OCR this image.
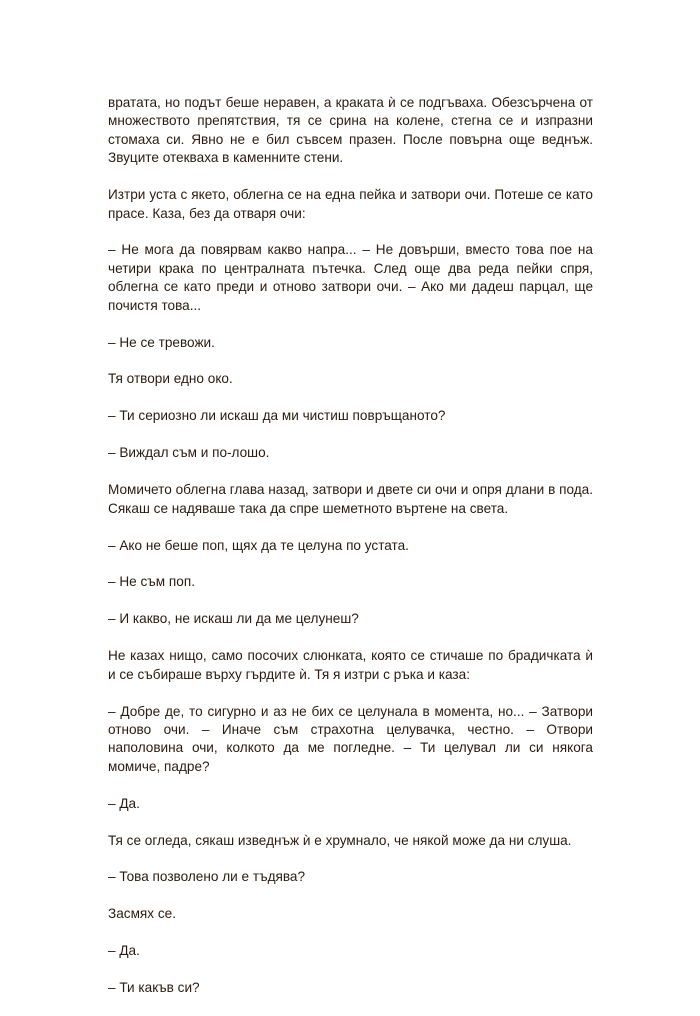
вратата, но подът беше неравен, а краката ѝ се подгъваха. Обезсърчена от множеството препятствия, тя се срина на колене, стегна се и изпразни стомаха си. Явно не е бил съвсем празен. После повърна още веднъж. Звуците отекваха в каменните стени.

Изтри уста с якето, облегна се на една пейка и затвори очи. Потеше се като прасе. Каза, без да отваря очи:

– Не мога да повярвам какво напра... – Не довърши, вместо това пое на четири крака по централната пътечка. След още два реда пейки спря, облегна се като преди и отново затвори очи. – Ако ми дадеш парцал, ще почистя това...

– Не се тревожи.

Тя отвори едно око.

– Ти сериозно ли искаш да ми чистиш повръщаното?

– Виждал съм и по-лошо.

Момичето облегна глава назад, затвори и двете си очи и опря длани в пода. Сякаш се надяваше така да спре шеметното въртене на света.

– Ако не беше поп, щях да те целуна по устата.

– Не съм поп.

– И какво, не искаш ли да ме целунеш?

Не казах нищо, само посочих слюнката, която се стичаше по брадичката ѝ и се събираше върху гърдите ѝ. Тя я изтри с ръка и каза:

– Добре де, то сигурно и аз не бих се целунала в момента, но... – Затвори отново очи. – Иначе съм страхотна целувачка, честно. – Отвори наполовина очи, колкото да ме погледне. – Ти целувал ли си някога момиче, падре?

– Да.

Тя се огледа, сякаш изведнъж ѝ е хрумнало, че някой може да ни слуша.

– Това позволено ли е тъдява?

Засмях се.

– Да.

– Ти какъв си?
